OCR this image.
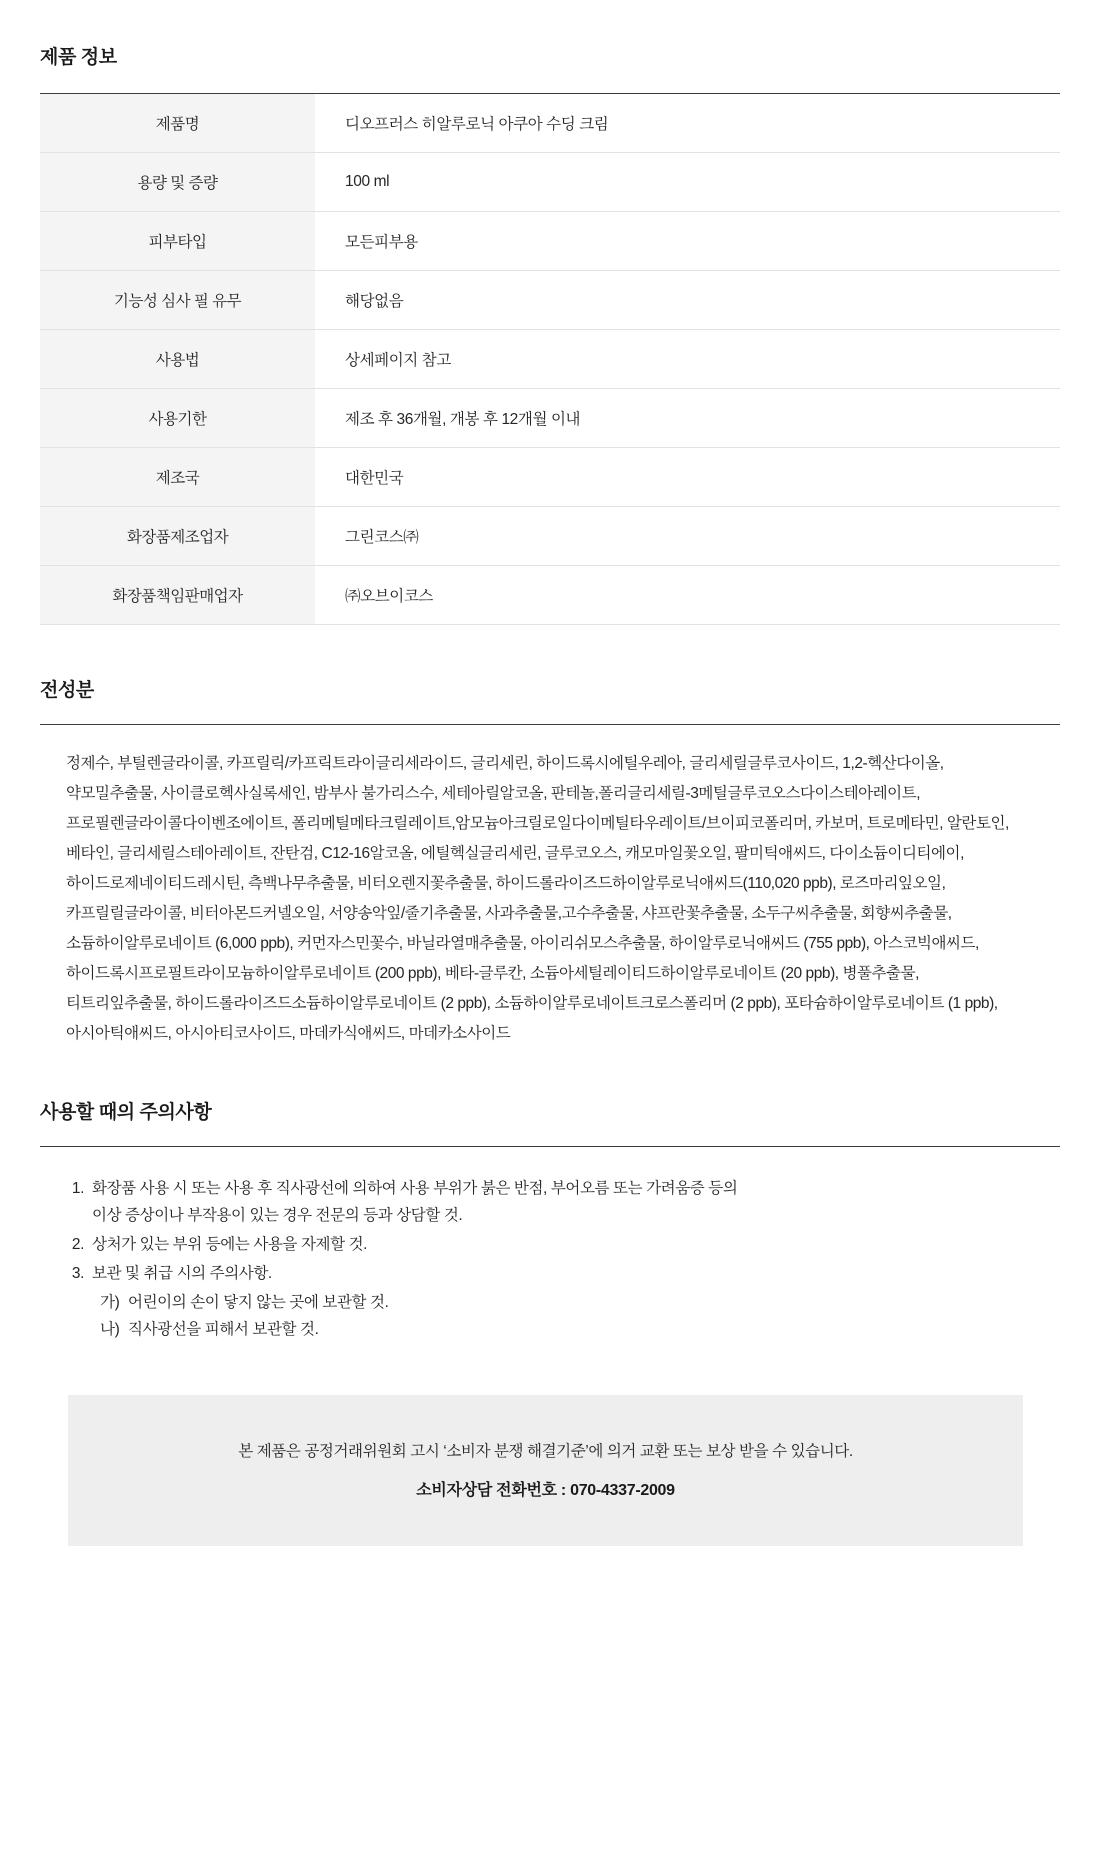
제품 정보
제품명	디오프러스 히알루로닉 아쿠아 수딩 크림
용량 및 증량	100 ml
피부타입	모든피부용
기능성 심사 필 유무	해당없음
사용법	상세페이지 참고
사용기한	제조 후 36개월, 개봉 후 12개월 이내
제조국	대한민국
화장품제조업자	그린코스㈜
화장품책임판매업자	㈜오브이코스
전성분

정제수, 부틸렌글라이콜, 카프릴릭/카프릭트라이글리세라이드, 글리세린, 하이드록시에틸우레아, 글리세릴글루코사이드, 1,2-헥산다이올, 약모밀추출물, 사이클로헥사실록세인, 밤부사 불가리스수, 세테아릴알코올, 판테놀,폴리글리세릴-3메틸글루코오스다이스테아레이트, 프로필렌글라이콜다이벤조에이트, 폴리메틸메타크릴레이트,암모늄아크릴로일다이메틸타우레이트/브이피코폴리머, 카보머, 트로메타민, 알란토인, 베타인, 글리세릴스테아레이트, 잔탄검, C12-16알코올, 에틸헥실글리세린, 글루코오스, 캐모마일꽃오일, 팔미틱애씨드, 다이소듐이디티에이, 하이드로제네이티드레시틴, 측백나무추출물, 비터오렌지꽃추출물, 하이드롤라이즈드하이알루로닉애씨드(110,020 ppb), 로즈마리잎오일, 카프릴릴글라이콜, 비터아몬드커넬오일, 서양송악잎/줄기추출물, 사과추출물,고수추출물, 샤프란꽃추출물, 소두구씨추출물, 회향씨추출물, 소듐하이알루로네이트 (6,000 ppb), 커먼자스민꽃수, 바닐라열매추출물, 아이리쉬모스추출물, 하이알루로닉애씨드 (755 ppb), 아스코빅애씨드, 하이드록시프로필트라이모늄하이알루로네이트 (200 ppb), 베타-글루칸, 소듐아세틸레이티드하이알루로네이트 (20 ppb), 병풀추출물, 티트리잎추출물, 하이드롤라이즈드소듐하이알루로네이트 (2 ppb), 소듐하이알루로네이트크로스폴리머 (2 ppb), 포타슘하이알루로네이트 (1 ppb), 아시아틱애씨드, 아시아티코사이드, 마데카식애씨드, 마데카소사이드

사용할 때의 주의사항
1. 화장품 사용 시 또는 사용 후 직사광선에 의하여 사용 부위가 붉은 반점, 부어오름 또는 가려움증 등의
이상 증상이나 부작용이 있는 경우 전문의 등과 상담할 것.
2. 상처가 있는 부위 등에는 사용을 자제할 것.
3. 보관 및 취급 시의 주의사항.
가) 어린이의 손이 닿지 않는 곳에 보관할 것.
나) 직사광선을 피해서 보관할 것.
본 제품은 공정거래위원회 고시 ‘소비자 분쟁 해결기준’에 의거 교환 또는 보상 받을 수 있습니다.
소비자상담 전화번호 : 070-4337-2009
